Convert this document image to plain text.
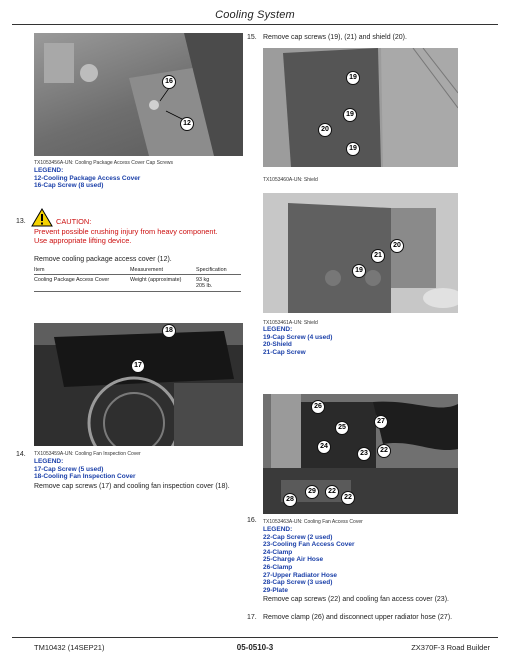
Cooling System
16
12
TX1053456A-UN: Cooling Package Access Cover Cap Screws
LEGEND:
12-Cooling Package Access Cover
16-Cap Screw (8 used)
13.	CAUTION:
Prevent possible crushing injury from heavy component.
Use appropriate lifting device.
Remove cooling package access cover (12).
Item	Measurement	Specification
Cooling Package Access Cover	Weight (approximate)	93 kg
205 lb.
18
17
14. TX1053459A-UN: Cooling Fan Inspection Cover
LEGEND:
17-Cap Screw (5 used)
18-Cooling Fan Inspection Cover
Remove cap screws (17) and cooling fan inspection cover (18).
15. Remove cap screws (19), (21) and shield (20).
19
19
20
19
TX1053460A-UN: Shield
20
21
19
TX1053461A-UN: Shield
LEGEND:
19-Cap Screw (4 used)
20-Shield
21-Cap Screw
26
27
25
24
23	22
28
29	22
22
16. TX1053463A-UN: Cooling Fan Access Cover
LEGEND:
22-Cap Screw (2 used)
23-Cooling Fan Access Cover
24-Clamp
25-Charge Air Hose
26-Clamp
27-Upper Radiator Hose
28-Cap Screw (3 used)
29-Plate
Remove cap screws (22) and cooling fan access cover (23).
17. Remove clamp (26) and disconnect upper radiator hose (27).
TM10432 (14SEP21)	05-0510-3	ZX370F-3 Road Builder
